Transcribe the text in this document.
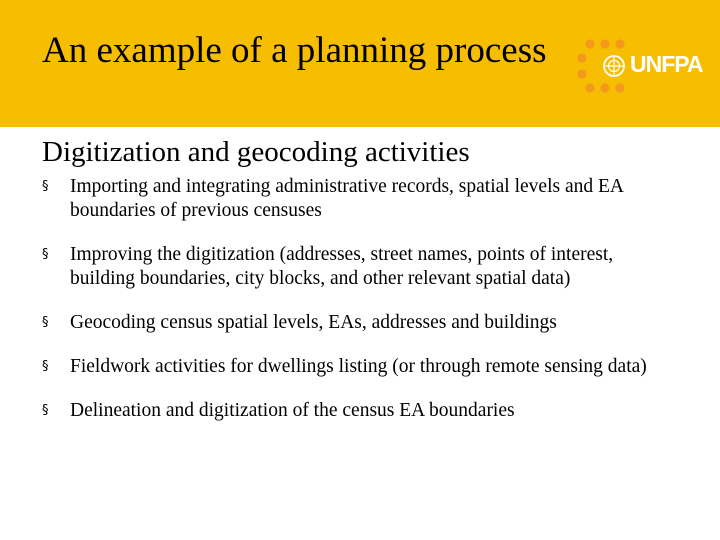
An example of a planning process	UNFPA
Digitization and geocoding activities
§ Importing and integrating administrative records, spatial levels and EA boundaries of previous censuses
§ Improving the digitization (addresses, street names, points of interest, building boundaries, city blocks, and other relevant spatial data)
§ Geocoding census spatial levels, EAs, addresses and buildings
§ Fieldwork activities for dwellings listing (or through remote sensing data)
§ Delineation and digitization of the census EA boundaries
